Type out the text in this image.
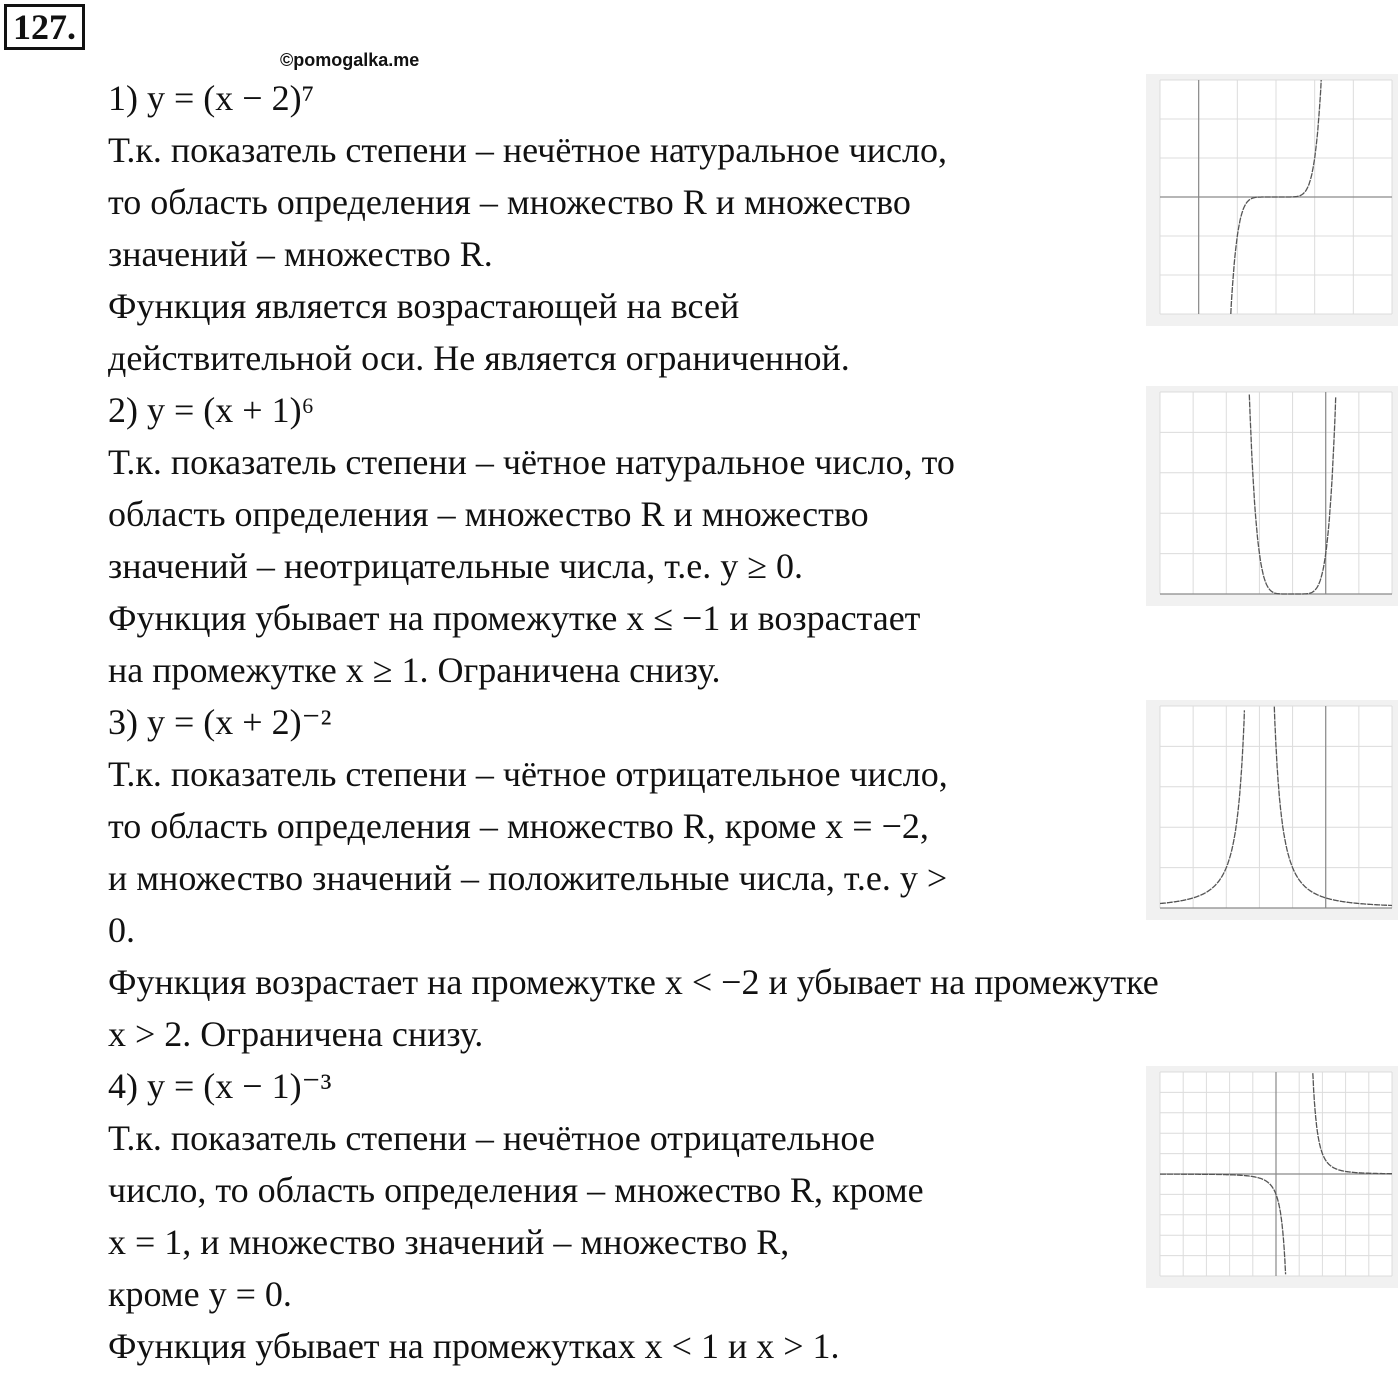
127.
©pomogalka.me
1) y = (x − 2)⁷
Т.к. показатель степени – нечётное натуральное число,
то область определения – множество R и множество
значений – множество R.
Функция является возрастающей на всей
действительной оси. Не является ограниченной.
2) y = (x + 1)⁶
Т.к. показатель степени – чётное натуральное число, то
область определения – множество R и множество
значений – неотрицательные числа, т.е. y ≥ 0.
Функция убывает на промежутке x ≤ −1 и возрастает
на промежутке x ≥ 1. Ограничена снизу.
3) y = (x + 2)⁻²
Т.к. показатель степени – чётное отрицательное число,
то область определения – множество R, кроме x = −2,
и множество значений – положительные числа, т.е. y >
0.
Функция возрастает на промежутке x < −2 и убывает на промежутке
x > 2. Ограничена снизу.
4) y = (x − 1)⁻³
Т.к. показатель степени – нечётное отрицательное
число, то область определения – множество R, кроме
x = 1, и множество значений – множество R,
кроме y = 0.
Функция убывает на промежутках x < 1 и x > 1.
